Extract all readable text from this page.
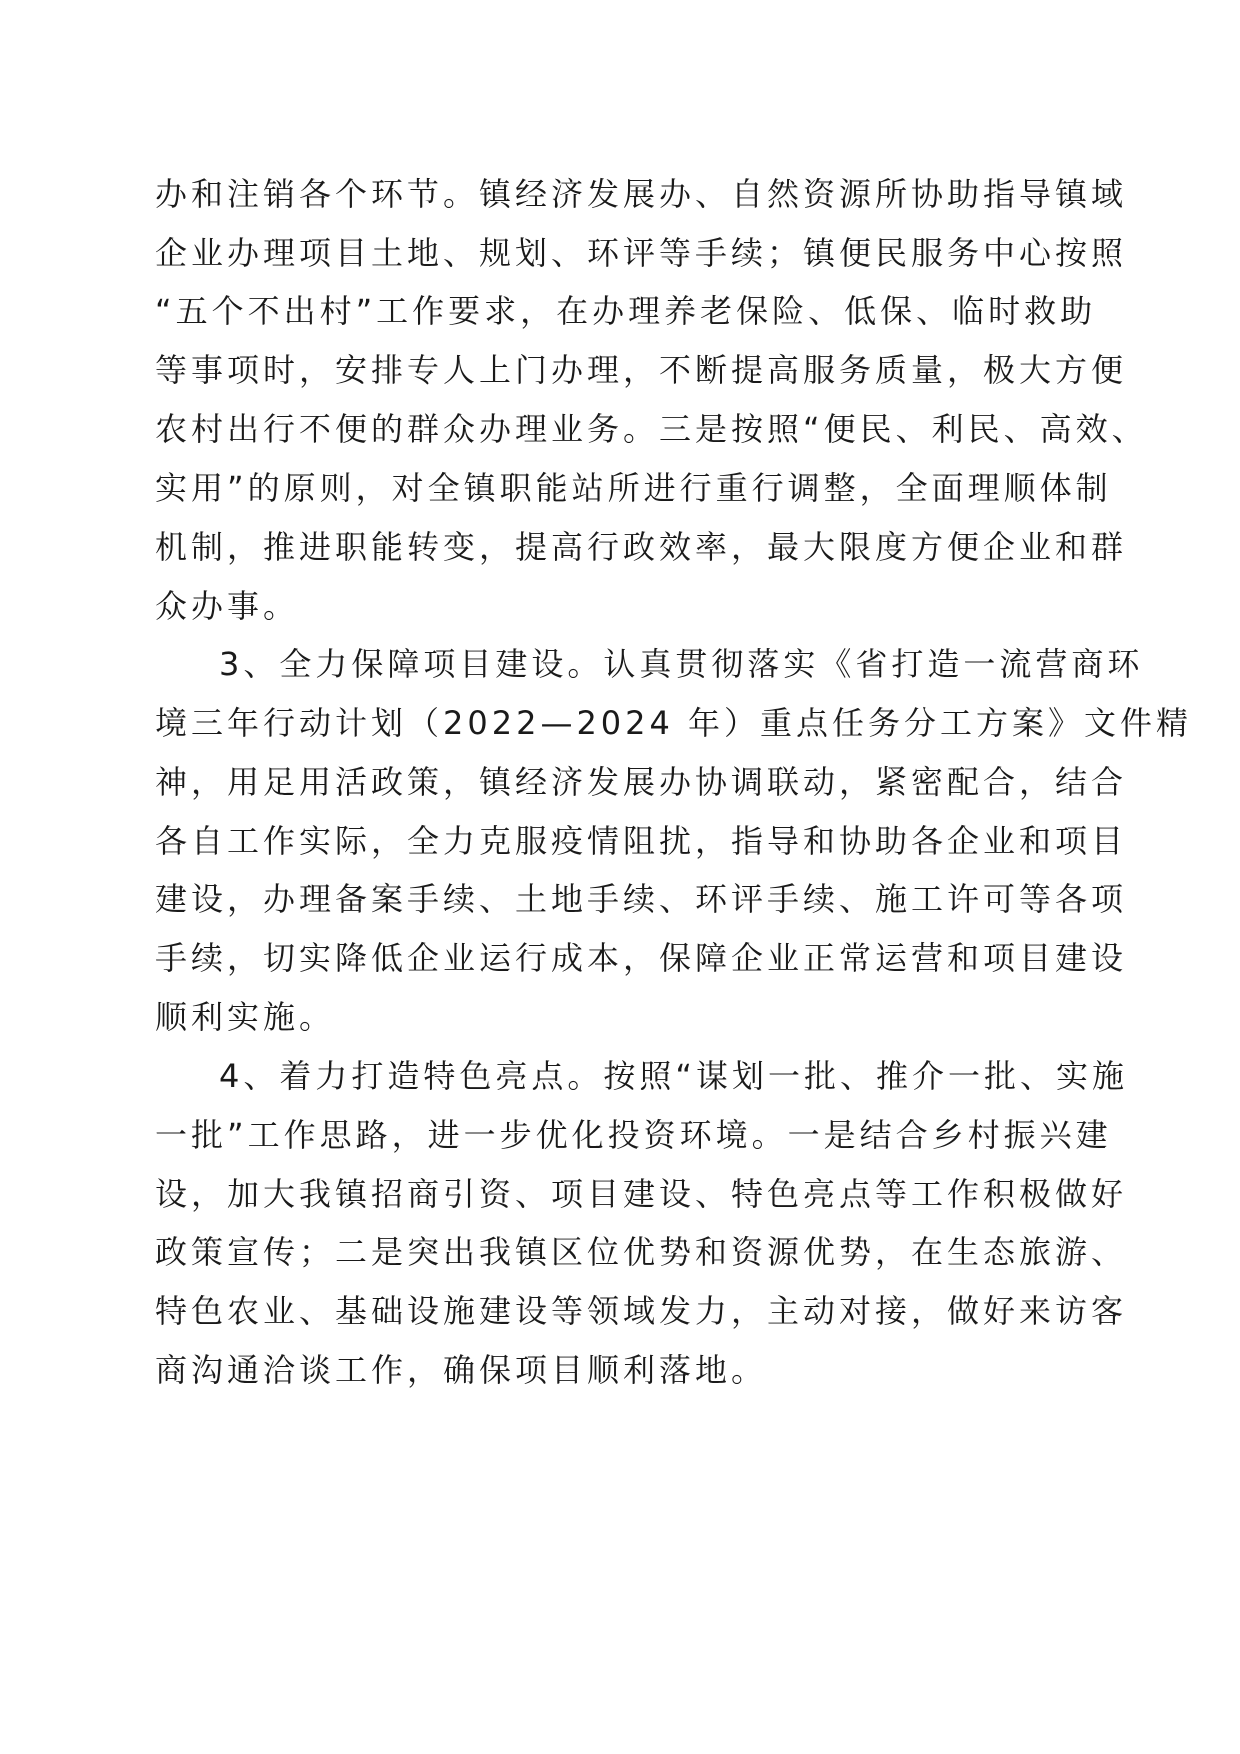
办和注销各个环节。镇经济发展办、自然资源所协助指导镇域
企业办理项目土地、规划、环评等手续；镇便民服务中心按照
“五个不出村”工作要求，在办理养老保险、低保、临时救助
等事项时，安排专人上门办理，不断提高服务质量，极大方便
农村出行不便的群众办理业务。三是按照“便民、利民、高效、
实用”的原则，对全镇职能站所进行重行调整，全面理顺体制
机制，推进职能转变，提高行政效率，最大限度方便企业和群
众办事。
3、全力保障项目建设。认真贯彻落实《省打造一流营商环
境三年行动计划（2022—2024 年）重点任务分工方案》文件精
神，用足用活政策，镇经济发展办协调联动，紧密配合，结合
各自工作实际，全力克服疫情阻扰，指导和协助各企业和项目
建设，办理备案手续、土地手续、环评手续、施工许可等各项
手续，切实降低企业运行成本，保障企业正常运营和项目建设
顺利实施。
4、着力打造特色亮点。按照“谋划一批、推介一批、实施
一批”工作思路，进一步优化投资环境。一是结合乡村振兴建
设，加大我镇招商引资、项目建设、特色亮点等工作积极做好
政策宣传；二是突出我镇区位优势和资源优势，在生态旅游、
特色农业、基础设施建设等领域发力，主动对接，做好来访客
商沟通洽谈工作，确保项目顺利落地。
